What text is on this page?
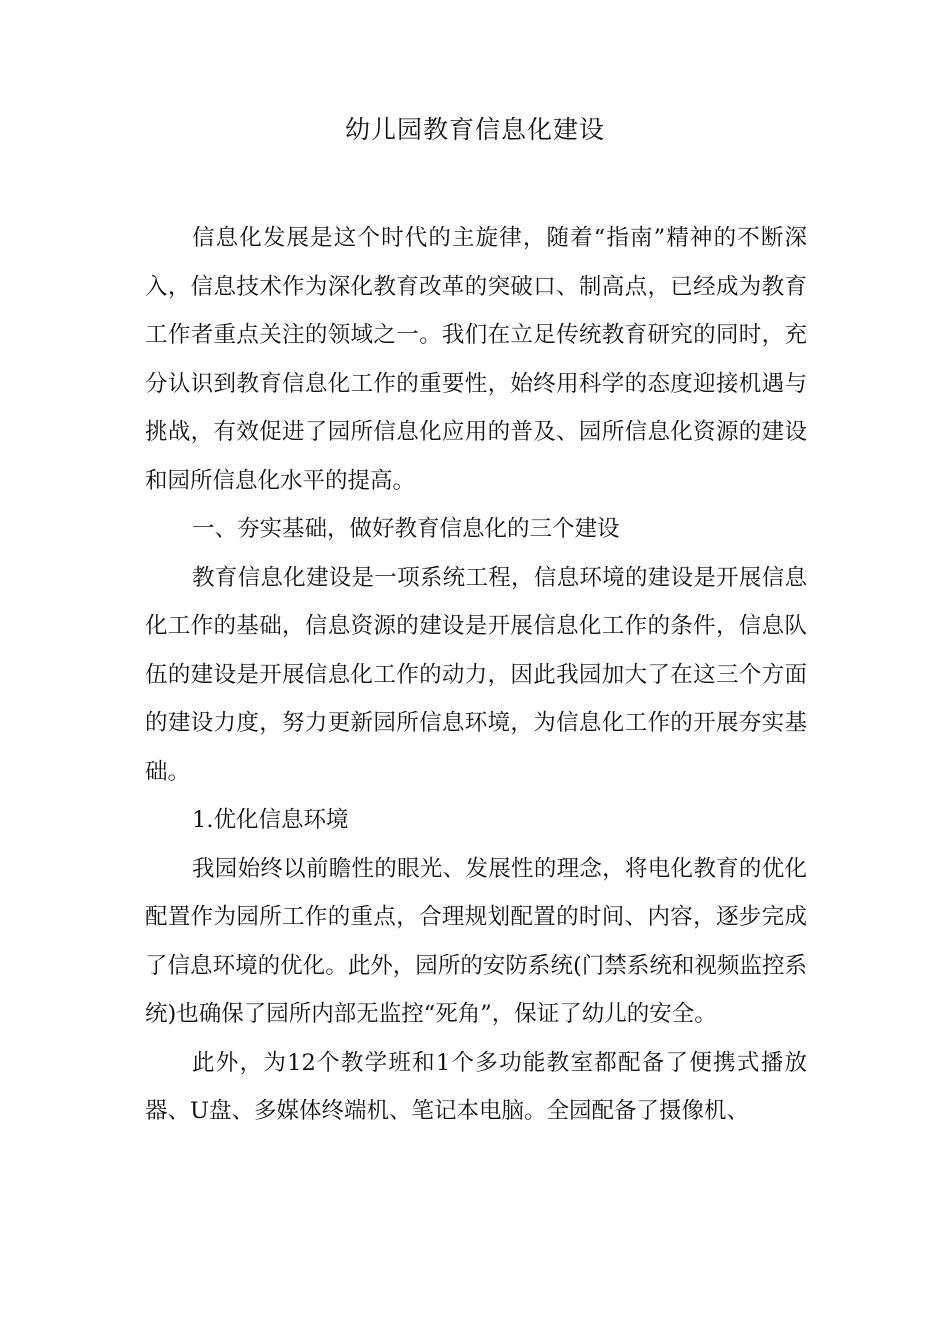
幼儿园教育信息化建设

信息化发展是这个时代的主旋律，随着“指南”精神的不断深入，信息技术作为深化教育改革的突破口、制高点，已经成为教育工作者重点关注的领域之一。我们在立足传统教育研究的同时，充分认识到教育信息化工作的重要性，始终用科学的态度迎接机遇与挑战，有效促进了园所信息化应用的普及、园所信息化资源的建设和园所信息化水平的提高。

一、夯实基础，做好教育信息化的三个建设

教育信息化建设是一项系统工程，信息环境的建设是开展信息化工作的基础，信息资源的建设是开展信息化工作的条件，信息队伍的建设是开展信息化工作的动力，因此我园加大了在这三个方面的建设力度，努力更新园所信息环境，为信息化工作的开展夯实基础。

1.优化信息环境

我园始终以前瞻性的眼光、发展性的理念，将电化教育的优化配置作为园所工作的重点，合理规划配置的时间、内容，逐步完成了信息环境的优化。此外，园所的安防系统(门禁系统和视频监控系统)也确保了园所内部无监控“死角”，保证了幼儿的安全。

此外，为12个教学班和1个多功能教室都配备了便携式播放器、U盘、多媒体终端机、笔记本电脑。全园配备了摄像机、
